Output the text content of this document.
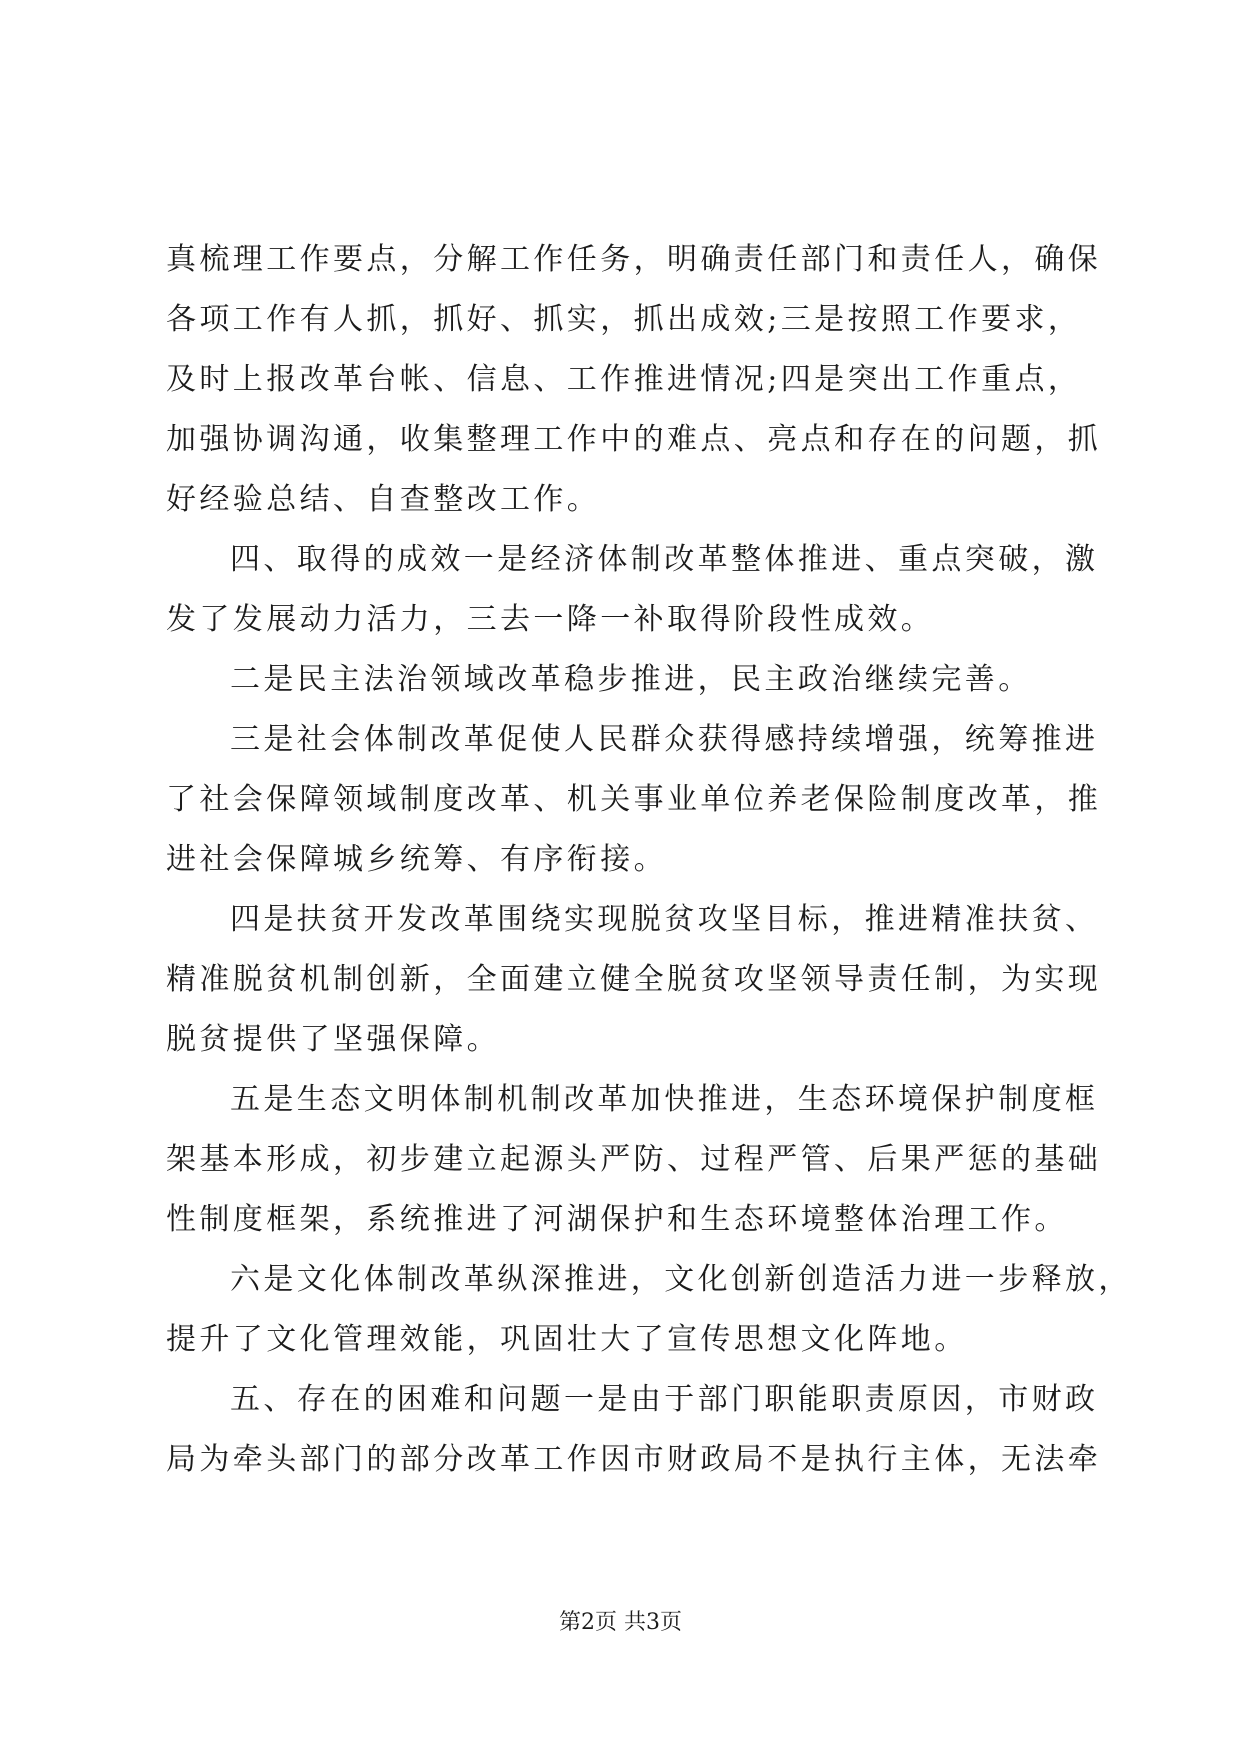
真梳理工作要点，分解工作任务，明确责任部门和责任人，确保
各项工作有人抓，抓好、抓实，抓出成效;三是按照工作要求，
及时上报改革台帐、信息、工作推进情况;四是突出工作重点，
加强协调沟通，收集整理工作中的难点、亮点和存在的问题，抓
好经验总结、自查整改工作。
四、取得的成效一是经济体制改革整体推进、重点突破，激
发了发展动力活力，三去一降一补取得阶段性成效。
二是民主法治领域改革稳步推进，民主政治继续完善。
三是社会体制改革促使人民群众获得感持续增强，统筹推进
了社会保障领域制度改革、机关事业单位养老保险制度改革，推
进社会保障城乡统筹、有序衔接。
四是扶贫开发改革围绕实现脱贫攻坚目标，推进精准扶贫、
精准脱贫机制创新，全面建立健全脱贫攻坚领导责任制，为实现
脱贫提供了坚强保障。
五是生态文明体制机制改革加快推进，生态环境保护制度框
架基本形成，初步建立起源头严防、过程严管、后果严惩的基础
性制度框架，系统推进了河湖保护和生态环境整体治理工作。
六是文化体制改革纵深推进，文化创新创造活力进一步释放，
提升了文化管理效能，巩固壮大了宣传思想文化阵地。
五、存在的困难和问题一是由于部门职能职责原因，市财政
局为牵头部门的部分改革工作因市财政局不是执行主体，无法牵
第2页 共3页
